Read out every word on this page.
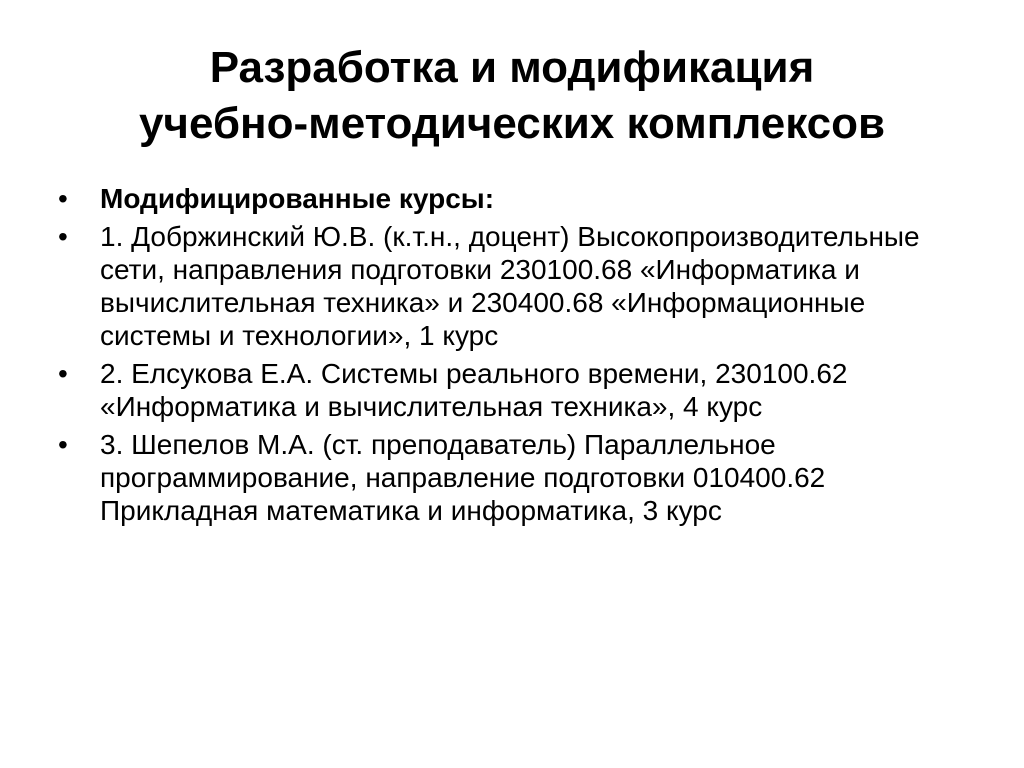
Разработка и модификация
учебно-методических комплексов
•	Модифицированные курсы:
•	1. Добржинский Ю.В. (к.т.н., доцент) Высокопроизводительные сети, направления подготовки 230100.68 «Информатика и вычислительная техника» и 230400.68 «Информационные системы и технологии», 1 курс
•	2. Елсукова Е.А. Системы реального времени, 230100.62 «Информатика и вычислительная техника», 4 курс
•	3. Шепелов М.А. (ст. преподаватель) Параллельное программирование, направление подготовки 010400.62 Прикладная математика и информатика, 3 курс
